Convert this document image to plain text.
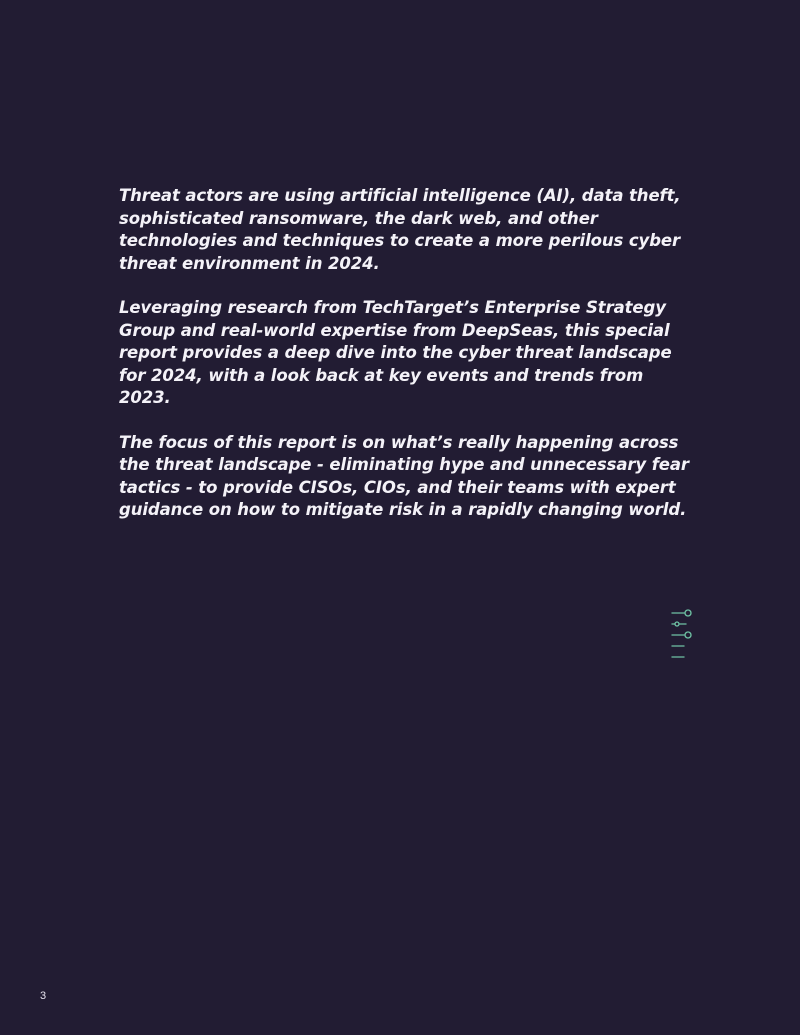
Threat actors are using artificial intelligence (AI), data theft, sophisticated ransomware, the dark web, and other technologies and techniques to create a more perilous cyber threat environment in 2024.

Leveraging research from TechTarget’s Enterprise Strategy Group and real-world expertise from DeepSeas, this special report provides a deep dive into the cyber threat landscape for 2024, with a look back at key events and trends from 2023.

The focus of this report is on what’s really happening across the threat landscape - eliminating hype and unnecessary fear tactics - to provide CISOs, CIOs, and their teams with expert guidance on how to mitigate risk in a rapidly changing world.

3
